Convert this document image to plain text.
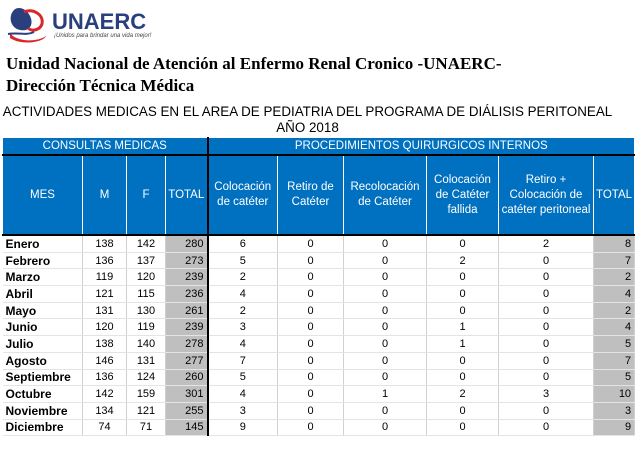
UNAERC
¡Unidos para brindar una vida mejor!
Unidad Nacional de Atención al Enfermo Renal Cronico -UNAERC-
Dirección Técnica Médica
ACTIVIDADES MEDICAS EN EL AREA DE PEDIATRIA DEL PROGRAMA DE DIÁLISIS PERITONEAL
AÑO 2018
CONSULTAS MEDICAS				PROCEDIMIENTOS QUIRURGICOS INTERNOS					
MES	M	F	TOTAL	Colocación de catéter	Retiro de Catéter	Recolocación de Catéter	Colocación de Catéter fallida	Retiro + Colocación de catéter peritoneal	TOTAL
Enero	138	142	280	6	0	0	0	2	8
Febrero	136	137	273	5	0	0	2	0	7
Marzo	119	120	239	2	0	0	0	0	2
Abril	121	115	236	4	0	0	0	0	4
Mayo	131	130	261	2	0	0	0	0	2
Junio	120	119	239	3	0	0	1	0	4
Julio	138	140	278	4	0	0	1	0	5
Agosto	146	131	277	7	0	0	0	0	7
Septiembre	136	124	260	5	0	0	0	0	5
Octubre	142	159	301	4	0	1	2	3	10
Noviembre	134	121	255	3	0	0	0	0	3
Diciembre	74	71	145	9	0	0	0	0	9
